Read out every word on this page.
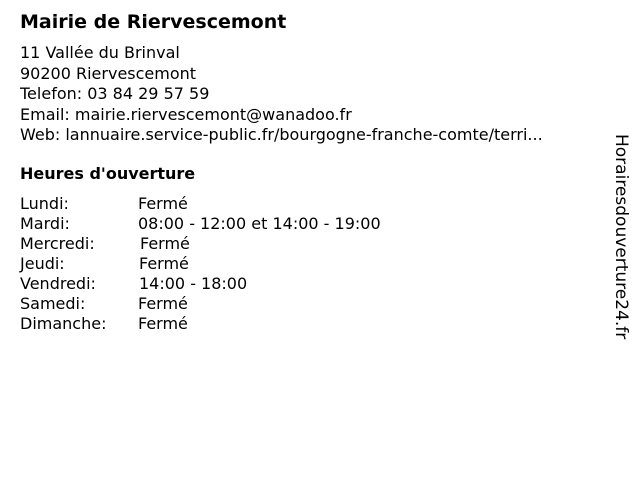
Mairie de Riervescemont
11 Vallée du Brinval
90200 Riervescemont
Telefon: 03 84 29 57 59
Email: mairie.riervescemont@wanadoo.fr
Web: lannuaire.service-public.fr/bourgogne-franche-comte/terri...
Heures d'ouverture
Lundi:	Fermé
Mardi:	08:00 - 12:00 et 14:00 - 19:00
Mercredi:	Fermé
Jeudi:	Fermé
Vendredi:	14:00 - 18:00
Samedi:	Fermé
Dimanche: Fermé	Horairesdouverture24.fr
